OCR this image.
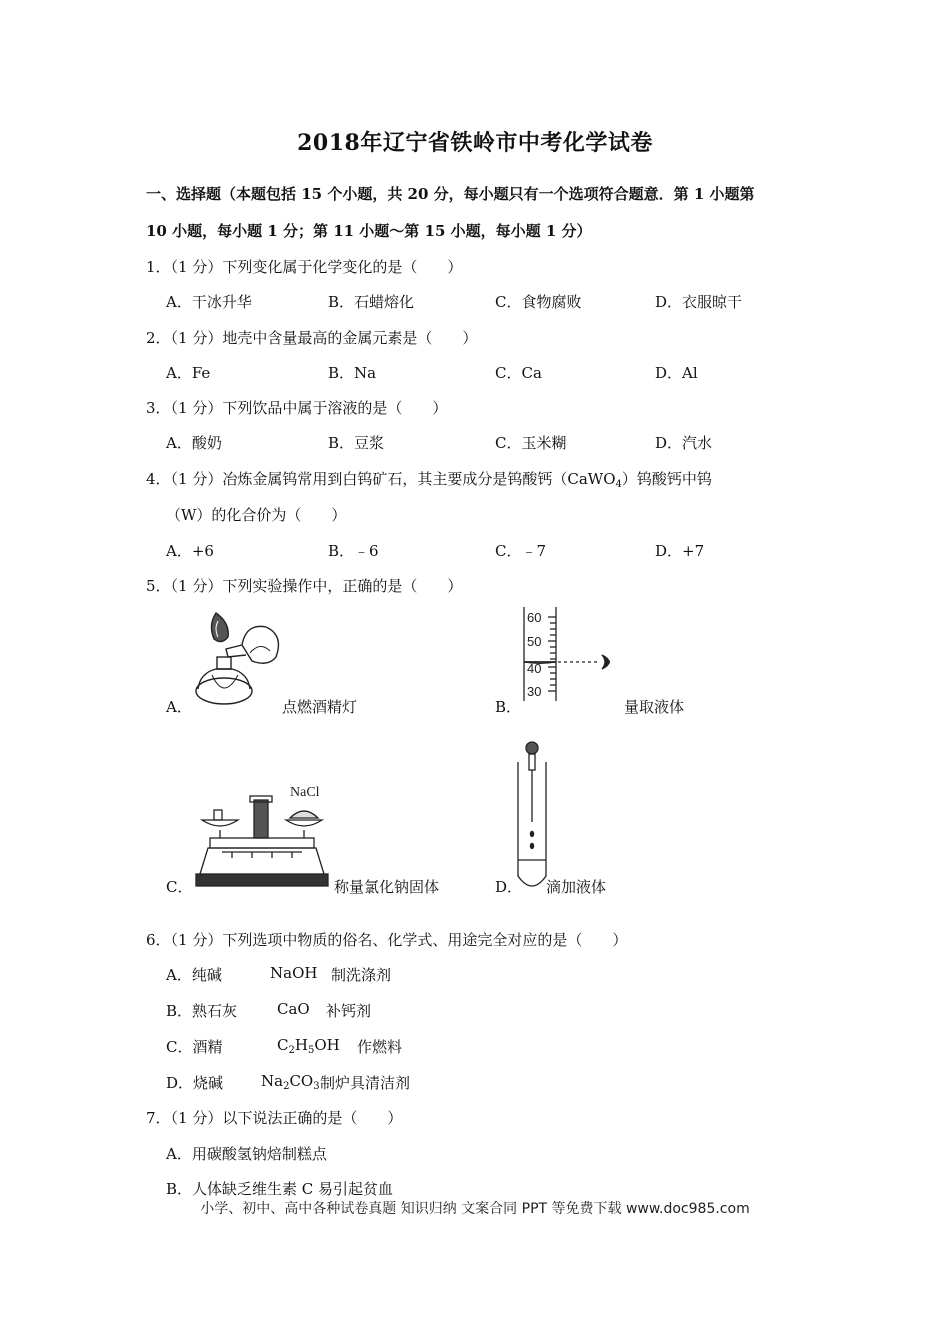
2018年辽宁省铁岭市中考化学试卷
一、选择题（本题包括 15 个小题，共 20 分，每小题只有一个选项符合题意．第 1 小题第
10 小题，每小题 1 分；第 11 小题～第 15 小题，每小题 1 分）
1．（1 分）下列变化属于化学变化的是（　　）
A．干冰升华	B．石蜡熔化	C．食物腐败	D．衣服晾干
2．（1 分）地壳中含量最高的金属元素是（　　）
A．Fe	B．Na	C．Ca	D．Al
3．（1 分）下列饮品中属于溶液的是（　　）
A．酸奶	B．豆浆	C．玉米糊	D．汽水
4．（1 分）冶炼金属钨常用到白钨矿石，其主要成分是钨酸钙（CaWO$_4$）钨酸钙中钨
（W）的化合价为（　　）
A．+6	B．﹣6	C．﹣7	D．+7
5．（1 分）下列实验操作中，正确的是（　　）
A．	点燃酒精灯
60
50
40
30
B．	量取液体
NaCl
C．	称量氯化钠固体	D． 滴加液体
6．（1 分）下列选项中物质的俗名、化学式、用途完全对应的是（　　）
A．纯碱	NaOH 制洗涤剂
B．熟石灰	CaO 补钙剂
C．酒精	$C_2H_5OH$ 作燃料
D．烧碱	$Na_2CO_3$ 制炉具清洁剂
7．（1 分）以下说法正确的是（　　）
A．用碳酸氢钠焙制糕点
B．人体缺乏维生素 C 易引起贫血
小学、初中、高中各种试卷真题 知识归纳 文案合同 PPT 等免费下载 www.doc985.com
